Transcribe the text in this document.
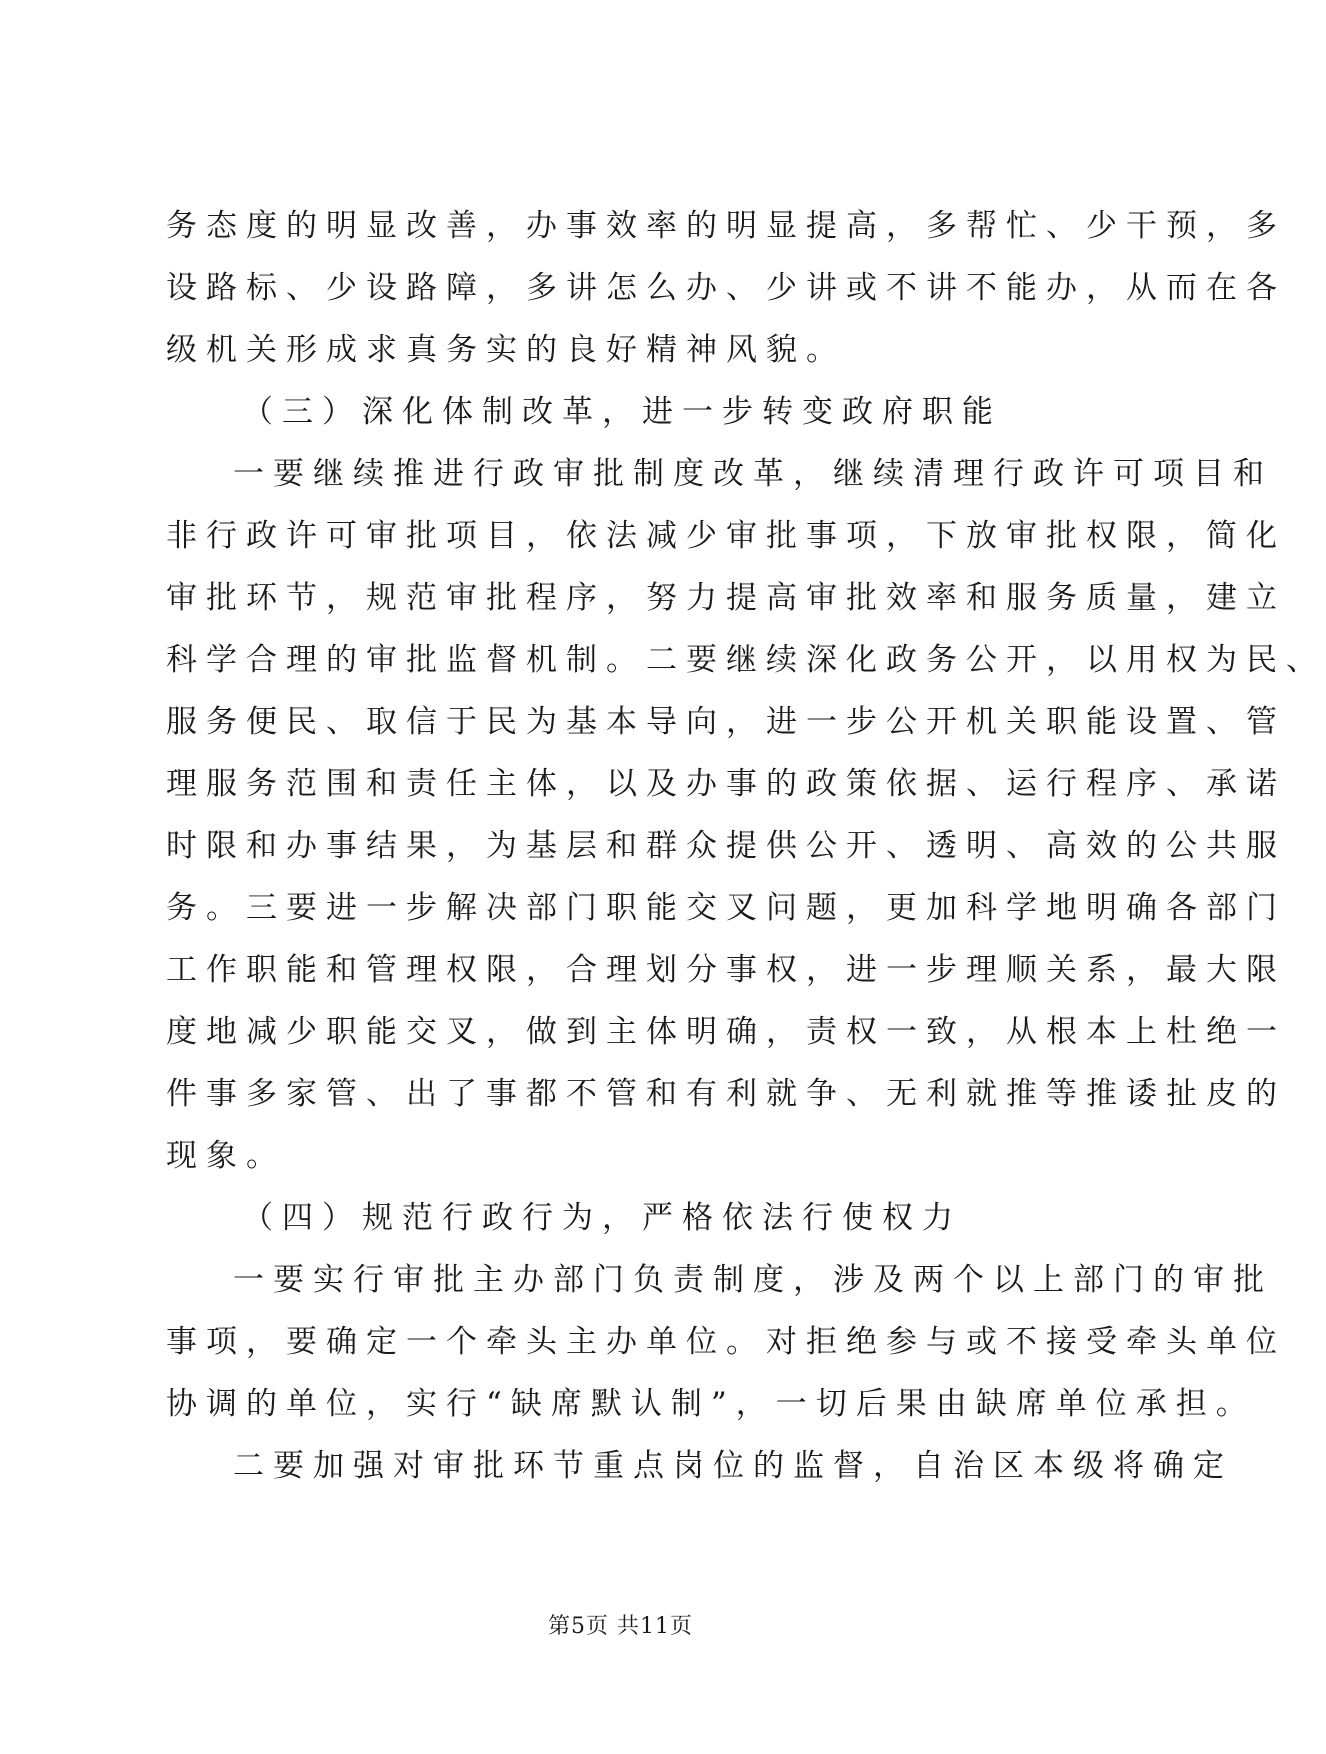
务态度的明显改善，办事效率的明显提高，多帮忙、少干预，多
设路标、少设路障，多讲怎么办、少讲或不讲不能办，从而在各
级机关形成求真务实的良好精神风貌。
（三）深化体制改革，进一步转变政府职能
一要继续推进行政审批制度改革，继续清理行政许可项目和
非行政许可审批项目，依法减少审批事项，下放审批权限，简化
审批环节，规范审批程序，努力提高审批效率和服务质量，建立
科学合理的审批监督机制。二要继续深化政务公开，以用权为民、
服务便民、取信于民为基本导向，进一步公开机关职能设置、管
理服务范围和责任主体，以及办事的政策依据、运行程序、承诺
时限和办事结果，为基层和群众提供公开、透明、高效的公共服
务。三要进一步解决部门职能交叉问题，更加科学地明确各部门
工作职能和管理权限，合理划分事权，进一步理顺关系，最大限
度地减少职能交叉，做到主体明确，责权一致，从根本上杜绝一
件事多家管、出了事都不管和有利就争、无利就推等推诿扯皮的
现象。
（四）规范行政行为，严格依法行使权力
一要实行审批主办部门负责制度，涉及两个以上部门的审批
事项，要确定一个牵头主办单位。对拒绝参与或不接受牵头单位
协调的单位，实行“缺席默认制”，一切后果由缺席单位承担。
二要加强对审批环节重点岗位的监督，自治区本级将确定
第5页 共11页
